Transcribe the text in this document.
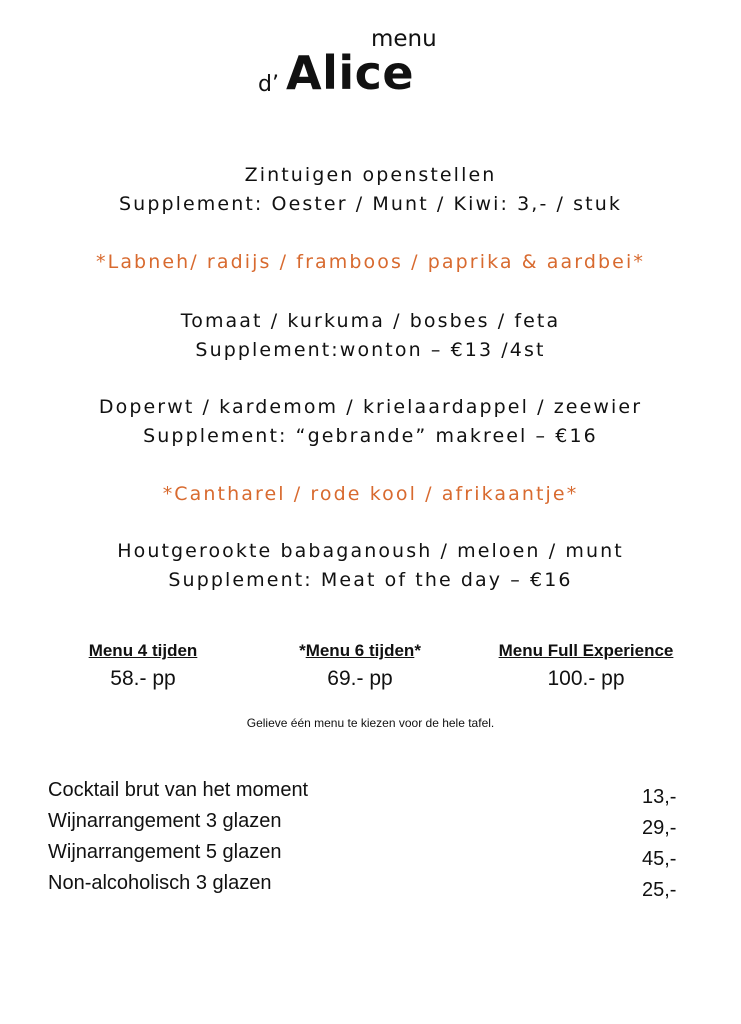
menu
d’ Alice
Zintuigen openstellen
Supplement: Oester / Munt / Kiwi: 3,- / stuk
*Labneh/ radijs / framboos / paprika & aardbei*
Tomaat / kurkuma / bosbes / feta
Supplement:wonton – €13 /4st
Doperwt / kardemom / krielaardappel / zeewier
Supplement: “gebrande” makreel – €16
*Cantharel / rode kool / afrikaantje*
Houtgerookte babaganoush / meloen / munt
Supplement: Meat of the day – €16
Menu 4 tijden
58.- pp
*Menu 6 tijden*
69.- pp
Menu Full Experience
100.- pp
Gelieve één menu te kiezen voor de hele tafel.
Cocktail brut van het moment	13,-
Wijnarrangement 3 glazen	29,-
Wijnarrangement 5 glazen	45,-
Non-alcoholisch 3 glazen	25,-
